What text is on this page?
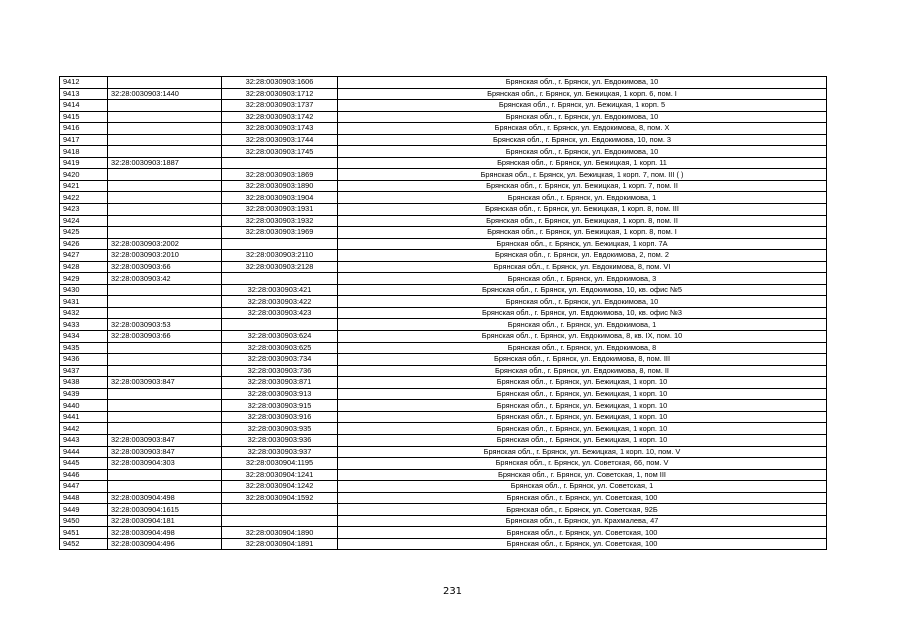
9412		32:28:0030903:1606	Брянская обл., г. Брянск, ул. Евдокимова, 10
9413	32:28:0030903:1440	32:28:0030903:1712	Брянская обл., г. Брянск, ул. Бежицкая, 1 корп. 6, пом. I
9414		32:28:0030903:1737	Брянская обл., г. Брянск, ул. Бежицкая, 1 корп. 5
9415		32:28:0030903:1742	Брянская обл., г. Брянск, ул. Евдокимова, 10
9416		32:28:0030903:1743	Брянская обл., г. Брянск, ул. Евдокимова, 8, пом. Х
9417		32:28:0030903:1744	Брянская обл., г. Брянск, ул. Евдокимова, 10, пом. 3
9418		32:28:0030903:1745	Брянская обл., г. Брянск, ул. Евдокимова, 10
9419	32:28:0030903:1887		Брянская обл., г. Брянск, ул. Бежицкая, 1 корп. 11
9420		32:28:0030903:1869	Брянская обл., г. Брянск, ул. Бежицкая, 1 корп. 7, пом. III ( )
9421		32:28:0030903:1890	Брянская обл., г. Брянск, ул. Бежицкая, 1 корп. 7, пом. II
9422		32:28:0030903:1904	Брянская обл., г. Брянск, ул. Евдокимова, 1
9423		32:28:0030903:1931	Брянская обл., г. Брянск, ул. Бежицкая, 1 корп. 8, пом. III
9424		32:28:0030903:1932	Брянская обл., г. Брянск, ул. Бежицкая, 1 корп. 8, пом. II
9425		32:28:0030903:1969	Брянская обл., г. Брянск, ул. Бежицкая, 1 корп. 8, пом. I
9426	32:28:0030903:2002		Брянская обл., г. Брянск, ул. Бежицкая, 1 корп. 7А
9427	32:28:0030903:2010	32:28:0030903:2110	Брянская обл., г. Брянск, ул. Евдокимова, 2, пом. 2
9428	32:28:0030903:66	32:28:0030903:2128	Брянская обл., г. Брянск, ул. Евдокимова, 8, пом. VI
9429	32:28:0030903:42		Брянская обл., г. Брянск, ул. Евдокимова, 3
9430		32:28:0030903:421	Брянская обл., г. Брянск, ул. Евдокимова, 10, кв. офис №5
9431		32:28:0030903:422	Брянская обл., г. Брянск, ул. Евдокимова, 10
9432		32:28:0030903:423	Брянская обл., г. Брянск, ул. Евдокимова, 10, кв. офис №3
9433	32:28:0030903:53		Брянская обл., г. Брянск, ул. Евдокимова, 1
9434	32:28:0030903:66	32:28:0030903:624	Брянская обл., г. Брянск, ул. Евдокимова, 8, кв. IX, пом. 10
9435		32:28:0030903:625	Брянская обл., г. Брянск, ул. Евдокимова, 8
9436		32:28:0030903:734	Брянская обл., г. Брянск, ул. Евдокимова, 8, пом. III
9437		32:28:0030903:736	Брянская обл., г. Брянск, ул. Евдокимова, 8, пом. II
9438	32:28:0030903:847	32:28:0030903:871	Брянская обл., г. Брянск, ул. Бежицкая, 1 корп. 10
9439		32:28:0030903:913	Брянская обл., г. Брянск, ул. Бежицкая, 1 корп. 10
9440		32:28:0030903:915	Брянская обл., г. Брянск, ул. Бежицкая, 1 корп. 10
9441		32:28:0030903:916	Брянская обл., г. Брянск, ул. Бежицкая, 1 корп. 10
9442		32:28:0030903:935	Брянская обл., г. Брянск, ул. Бежицкая, 1 корп. 10
9443	32:28:0030903:847	32:28:0030903:936	Брянская обл., г. Брянск, ул. Бежицкая, 1 корп. 10
9444	32:28:0030903:847	32:28:0030903:937	Брянская обл., г. Брянск, ул. Бежицкая, 1 корп. 10, пом. V
9445	32:28:0030904:303	32:28:0030904:1195	Брянская обл., г. Брянск, ул. Советская, 66, пом. V
9446		32:28:0030904:1241	Брянская обл., г. Брянск, ул. Советская, 1, пом III
9447		32:28:0030904:1242	Брянская обл., г. Брянск, ул. Советская, 1
9448	32:28:0030904:498	32:28:0030904:1592	Брянская обл., г. Брянск, ул. Советская, 100
9449	32:28:0030904:1615		Брянская обл., г. Брянск, ул. Советская, 92Б
9450	32:28:0030904:181		Брянская обл., г. Брянск, ул. Крахмалева, 47
9451	32:28:0030904:498	32:28:0030904:1890	Брянская обл., г. Брянск, ул. Советская, 100
9452	32:28:0030904:496	32:28:0030904:1891	Брянская обл., г. Брянск, ул. Советская, 100
231
